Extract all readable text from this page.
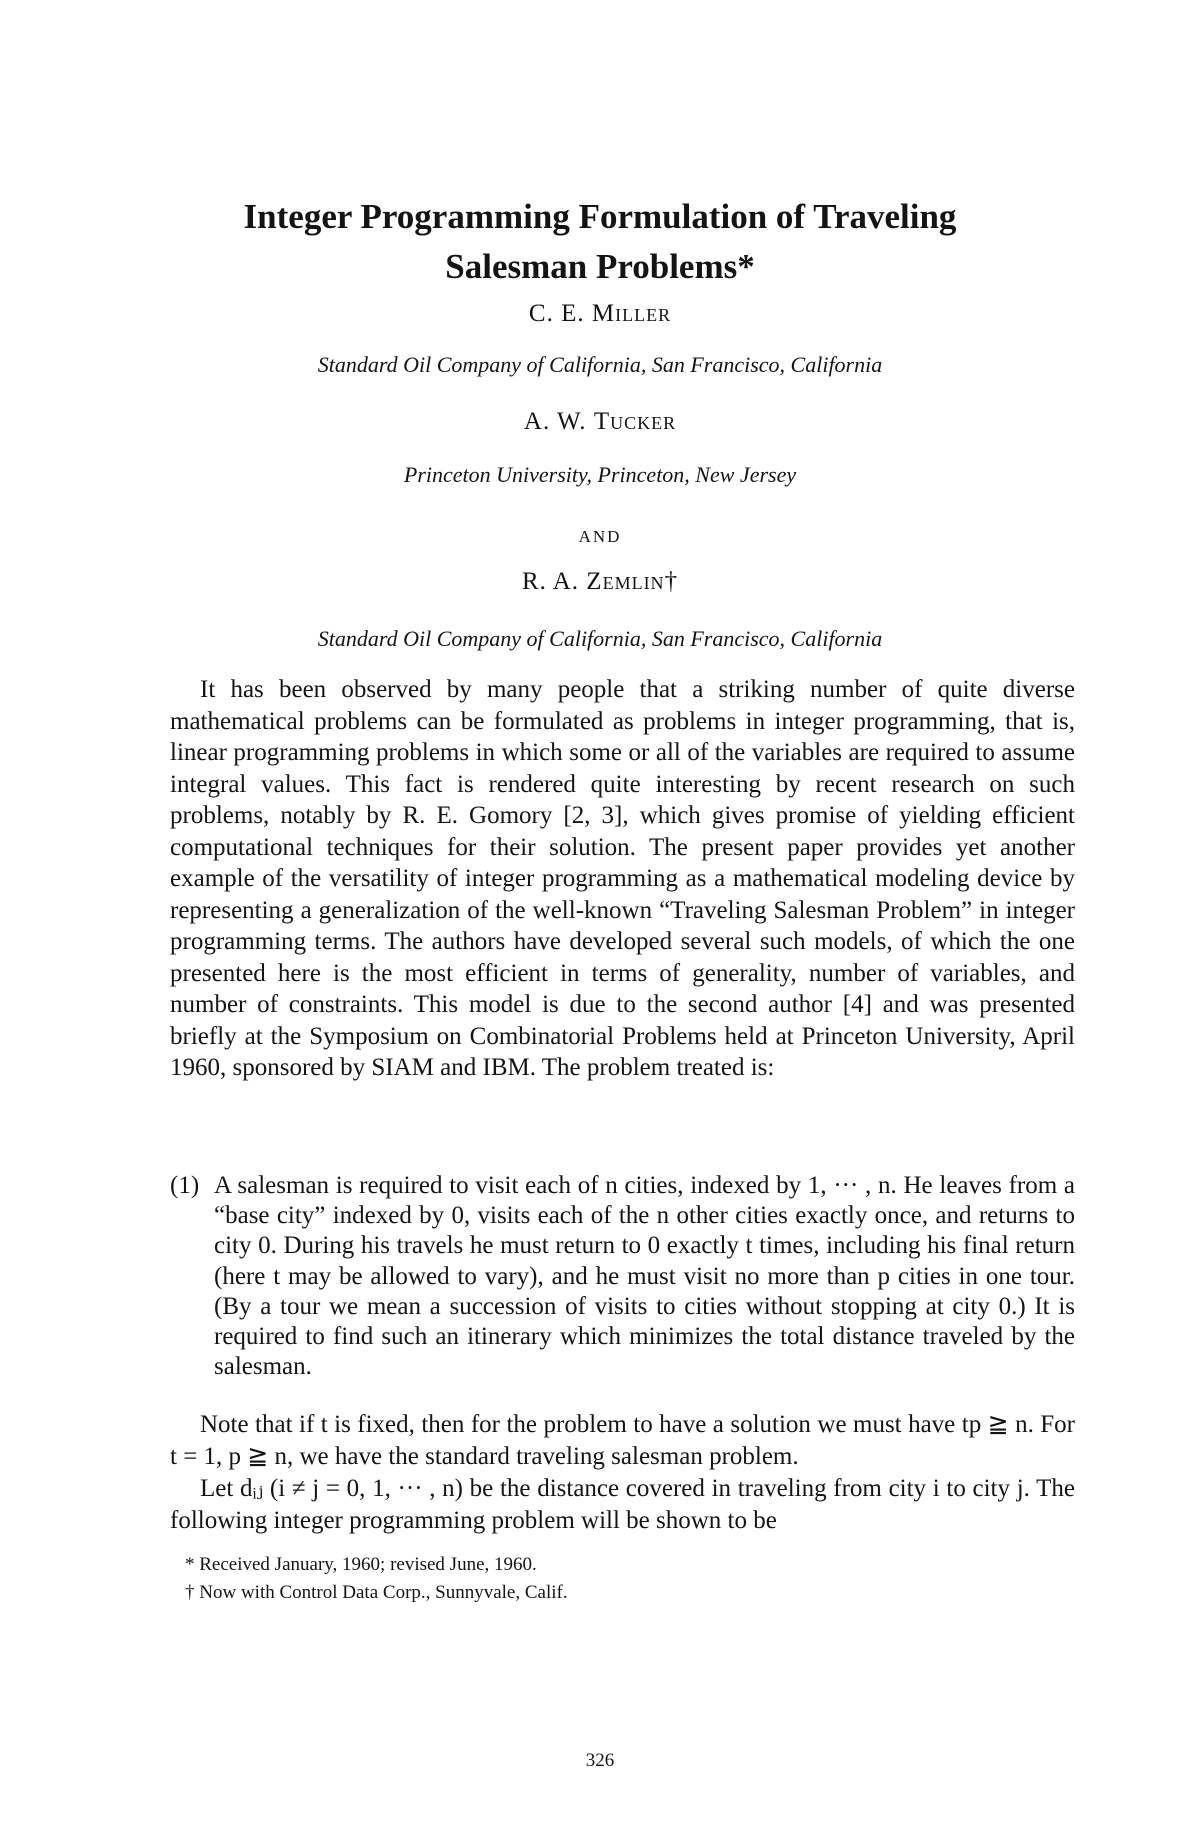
Integer Programming Formulation of Traveling
Salesman Problems*

C. E. Miller

Standard Oil Company of California, San Francisco, California

A. W. Tucker

Princeton University, Princeton, New Jersey

AND

R. A. Zemlin†

Standard Oil Company of California, San Francisco, California

It has been observed by many people that a striking number of quite diverse mathematical problems can be formulated as problems in integer programming, that is, linear programming problems in which some or all of the variables are required to assume integral values. This fact is rendered quite interesting by recent research on such problems, notably by R. E. Gomory [2, 3], which gives promise of yielding efficient computational techniques for their solution. The present paper provides yet another example of the versatility of integer programming as a mathematical modeling device by representing a generalization of the well-known “Traveling Salesman Problem” in integer programming terms. The authors have developed several such models, of which the one presented here is the most efficient in terms of generality, number of variables, and number of constraints. This model is due to the second author [4] and was presented briefly at the Symposium on Combinatorial Problems held at Princeton University, April 1960, sponsored by SIAM and IBM. The problem treated is:

(1) A salesman is required to visit each of n cities, indexed by 1, ··· , n. He leaves from a “base city” indexed by 0, visits each of the n other cities exactly once, and returns to city 0. During his travels he must return to 0 exactly t times, including his final return (here t may be allowed to vary), and he must visit no more than p cities in one tour. (By a tour we mean a succession of visits to cities without stopping at city 0.) It is required to find such an itinerary which minimizes the total distance traveled by the salesman.

Note that if t is fixed, then for the problem to have a solution we must have tp ≧ n. For t = 1, p ≧ n, we have the standard traveling salesman problem.

Let dᵢⱼ (i ≠ j = 0, 1, ··· , n) be the distance covered in traveling from city i to city j. The following integer programming problem will be shown to be

* Received January, 1960; revised June, 1960.

† Now with Control Data Corp., Sunnyvale, Calif.

326
